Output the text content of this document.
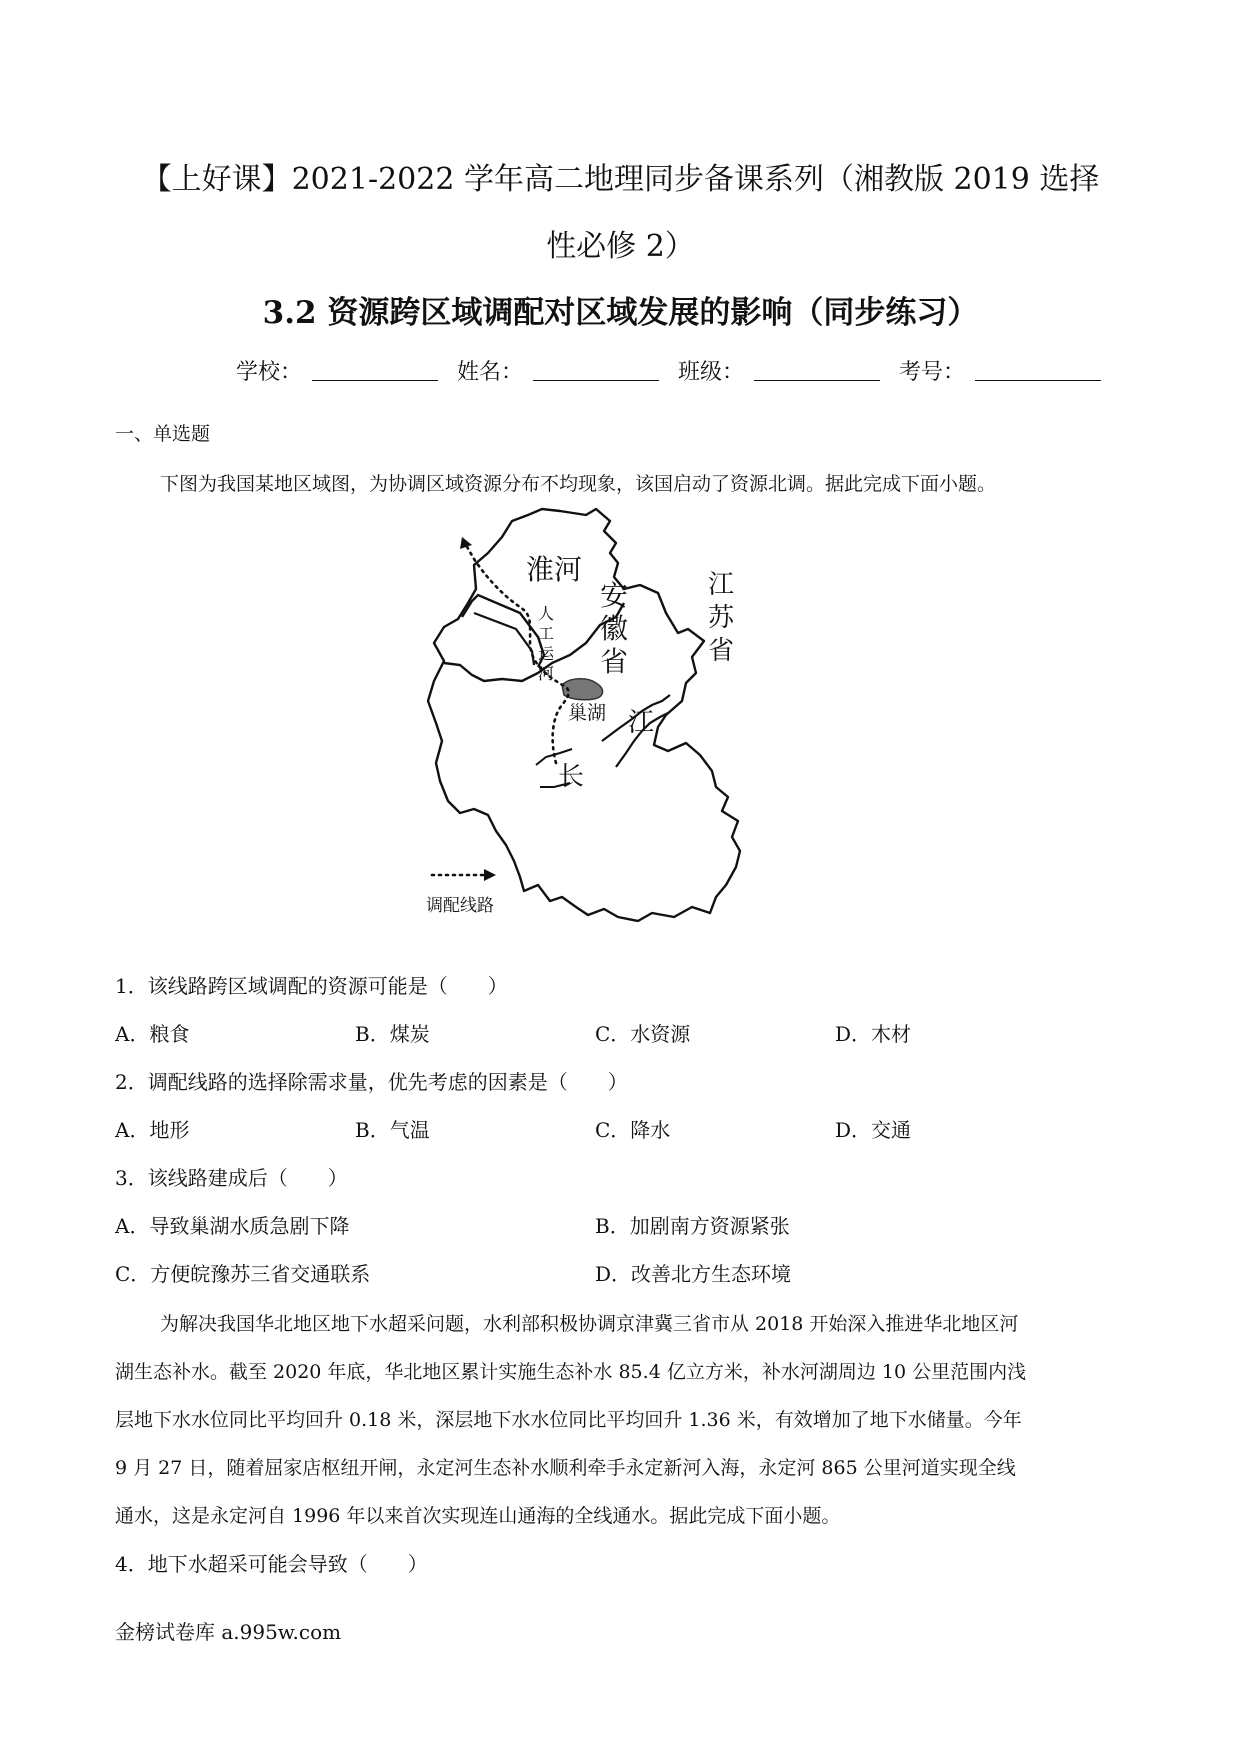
【上好课】2021-2022 学年高二地理同步备课系列（湘教版 2019 选择
性必修 2）
3.2 资源跨区域调配对区域发展的影响（同步练习）
学校：	姓名：	班级：	考号：
一、单选题
下图为我国某地区域图，为协调区域资源分布不均现象，该国启动了资源北调。据此完成下面小题。
淮河
安
徽
省
江
苏
省
人
工
运
河
巢湖 江
长
调配线路
1．该线路跨区域调配的资源可能是（　　）
A．粮食	B．煤炭	C．水资源	D．木材
2．调配线路的选择除需求量，优先考虑的因素是（　　）
A．地形	B．气温	C．降水	D．交通
3．该线路建成后（　　）
A．导致巢湖水质急剧下降	B．加剧南方资源紧张
C．方便皖豫苏三省交通联系	D．改善北方生态环境
为解决我国华北地区地下水超采问题，水利部积极协调京津冀三省市从 2018 开始深入推进华北地区河
湖生态补水。截至 2020 年底，华北地区累计实施生态补水 85.4 亿立方米，补水河湖周边 10 公里范围内浅
层地下水水位同比平均回升 0.18 米，深层地下水水位同比平均回升 1.36 米，有效增加了地下水储量。今年
9 月 27 日，随着屈家店枢纽开闸，永定河生态补水顺利牵手永定新河入海，永定河 865 公里河道实现全线
通水，这是永定河自 1996 年以来首次实现连山通海的全线通水。据此完成下面小题。
4．地下水超采可能会导致（　　）
金榜试卷库 a.995w.com
